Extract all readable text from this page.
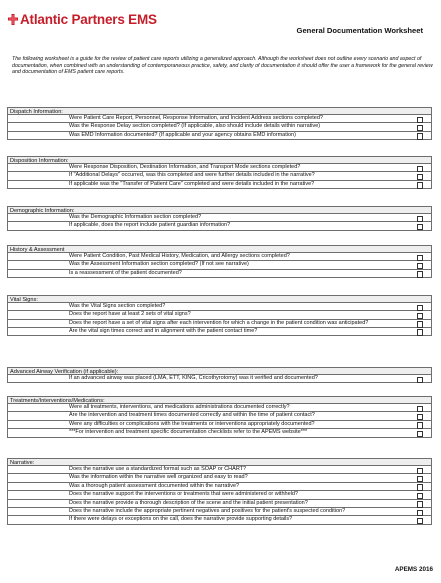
Atlantic Partners EMS
General Documentation Worksheet
The following worksheet is a guide for the review of patient care reports utilizing a generalized approach. Although the worksheet does not outline every scenario and aspect of documentation, when combined with an understanding of contemporaneous practice, safety, and clarity of documentation it should offer the user a framework for the general review and documentation of EMS patient care reports.
Dispatch Information:
Were Patient Care Report, Personnel, Response Information, and Incident Address sections completed?
Was the Response Delay section completed? (If applicable, also should include details within narrative)
Was EMD Information documented? (If applicable and your agency obtains EMD information)
Disposition Information:
Were Response Disposition, Destination Information, and Transport Mode sections completed?
If "Additional Delays" occurred, was this completed and were further details included in the narrative?
If applicable was the "Transfer of Patient Care" completed and were details included in the narrative?
Demographic Information:
Was the Demographic Information section completed?
If applicable, does the report include patient guardian information?
History & Assessment
Were Patient Condition, Past Medical History, Medication, and Allergy sections completed?
Was the Assessment Information section completed? (If not see narrative)
Is a reassessment of the patient documented?
Vital Signs:
Was the Vital Signs section completed?
Does the report have at least 2 sets of vital signs?
Does the report have a set of vital signs after each intervention for which a change in the patient condition was anticipated?
Are the vital sign times correct and in alignment with the patient contact time?
Advanced Airway Verification (if applicable):
If an advanced airway was placed (LMA, ETT, KING, Cricothyrotomy) was it verified and documented?
Treatments/Interventions/Medications:
Were all treatments, interventions, and medications administrations documented correctly?
Are the intervention and treatment times documented correctly and within the time of patient contact?
Were any difficulties or complications with the treatments or interventions appropriately documented?
***For intervention and treatment specific documentation checklists refer to the APEMS website***
Narrative:
Does the narrative use a standardized format such as SOAP or CHART?
Was the information within the narrative well organized and easy to read?
Was a thorough patient assessment documented within the narrative?
Does the narrative support the interventions or treatments that were administered or withheld?
Does the narrative provide a thorough description of the scene and the initial patient presentation?
Does the narrative include the appropriate pertinent negatives and positives for the patient's suspected condition?
If there were delays or exceptions on the call, does the narrative provide supporting details?
APEMS 2016
